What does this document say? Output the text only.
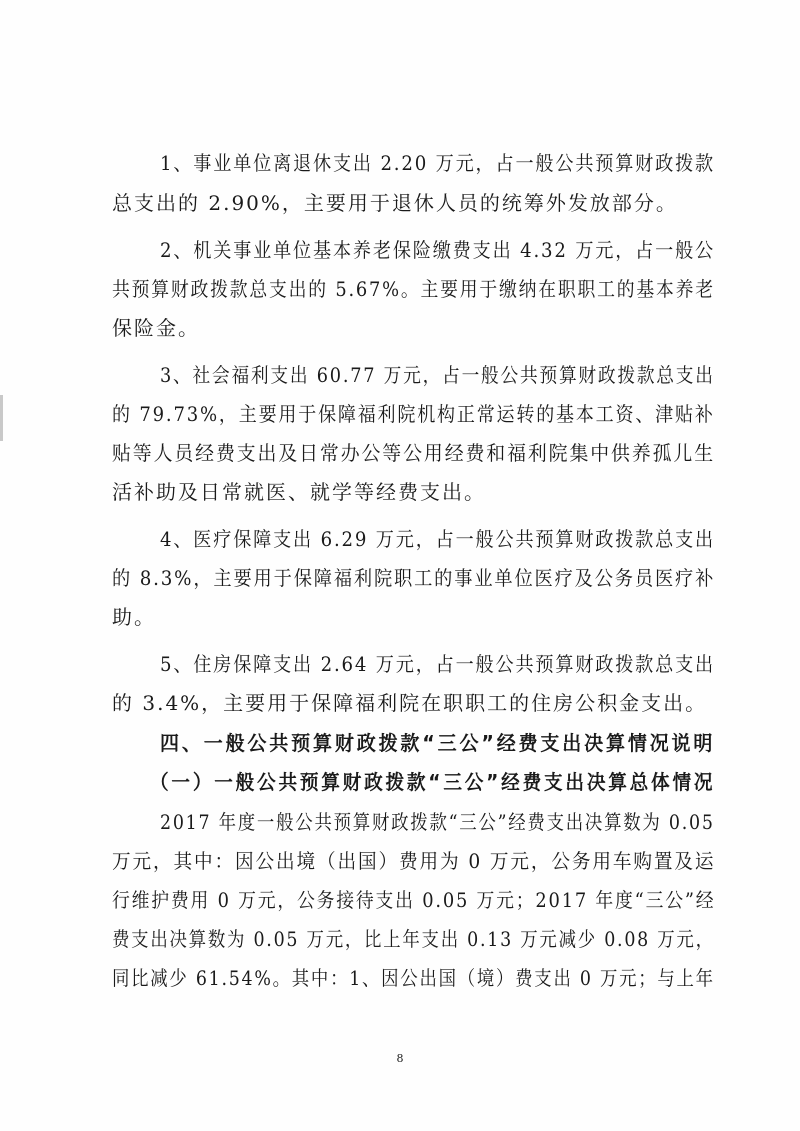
1、事业单位离退休支出 2.20 万元，占一般公共预算财政拨款
总支出的 2.90%，主要用于退休人员的统筹外发放部分。
2、机关事业单位基本养老保险缴费支出 4.32 万元，占一般公
共预算财政拨款总支出的 5.67%。主要用于缴纳在职职工的基本养老
保险金。
3、社会福利支出 60.77 万元，占一般公共预算财政拨款总支出
的 79.73%，主要用于保障福利院机构正常运转的基本工资、津贴补
贴等人员经费支出及日常办公等公用经费和福利院集中供养孤儿生
活补助及日常就医、就学等经费支出。
4、医疗保障支出 6.29 万元，占一般公共预算财政拨款总支出
的 8.3%，主要用于保障福利院职工的事业单位医疗及公务员医疗补
助。
5、住房保障支出 2.64 万元，占一般公共预算财政拨款总支出
的 3.4%，主要用于保障福利院在职职工的住房公积金支出。
四、一般公共预算财政拨款“三公”经费支出决算情况说明
（一）一般公共预算财政拨款“三公”经费支出决算总体情况
2017 年度一般公共预算财政拨款“三公”经费支出决算数为 0.05
万元，其中：因公出境（出国）费用为 0 万元，公务用车购置及运
行维护费用 0 万元，公务接待支出 0.05 万元；2017 年度“三公”经
费支出决算数为 0.05 万元，比上年支出 0.13 万元减少 0.08 万元，
同比减少 61.54%。其中：1、因公出国（境）费支出 0 万元；与上年
8
